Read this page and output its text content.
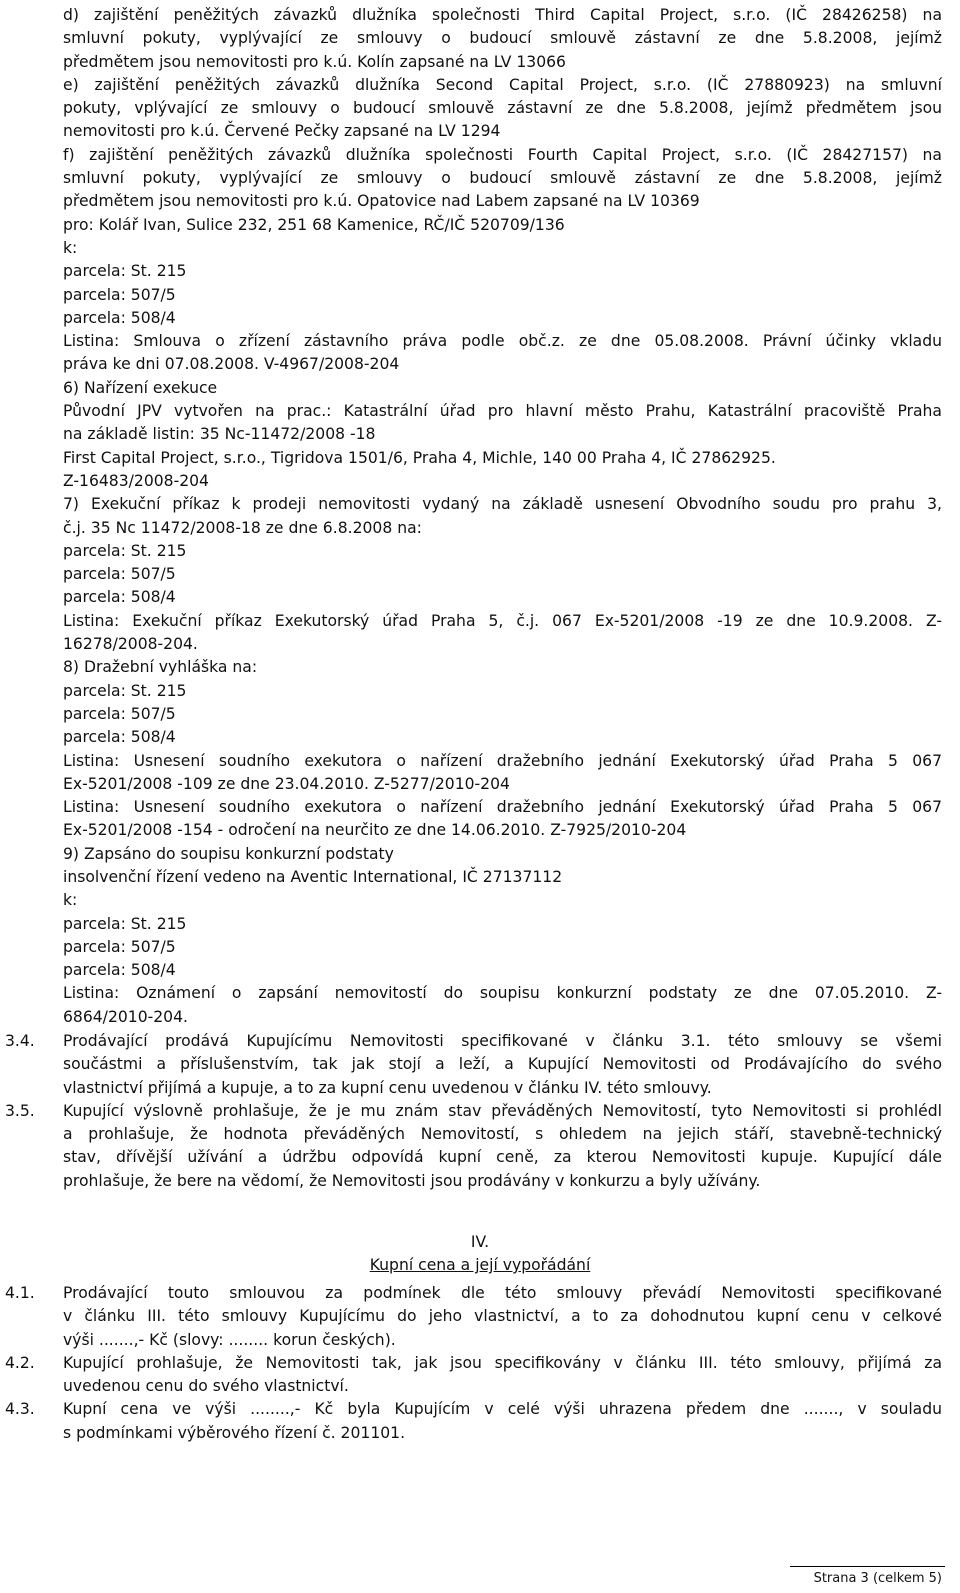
d) zajištění peněžitých závazků dlužníka společnosti Third Capital Project, s.r.o. (IČ 28426258) na
smluvní pokuty, vyplývající ze smlouvy o budoucí smlouvě zástavní ze dne 5.8.2008, jejímž
předmětem jsou nemovitosti pro k.ú. Kolín zapsané na LV 13066
e) zajištění peněžitých závazků dlužníka Second Capital Project, s.r.o. (IČ 27880923) na smluvní
pokuty, vplývající ze smlouvy o budoucí smlouvě zástavní ze dne 5.8.2008, jejímž předmětem jsou
nemovitosti pro k.ú. Červené Pečky zapsané na LV 1294
f) zajištění peněžitých závazků dlužníka společnosti Fourth Capital Project, s.r.o. (IČ 28427157) na
smluvní pokuty, vyplývající ze smlouvy o budoucí smlouvě zástavní ze dne 5.8.2008, jejímž
předmětem jsou nemovitosti pro k.ú. Opatovice nad Labem zapsané na LV 10369
pro: Kolář Ivan, Sulice 232, 251 68 Kamenice, RČ/IČ 520709/136
k:
parcela: St. 215
parcela: 507/5
parcela: 508/4
Listina: Smlouva o zřízení zástavního práva podle obč.z. ze dne 05.08.2008. Právní účinky vkladu
práva ke dni 07.08.2008. V-4967/2008-204
6) Nařízení exekuce
Původní JPV vytvořen na prac.: Katastrální úřad pro hlavní město Prahu, Katastrální pracoviště Praha
na základě listin: 35 Nc-11472/2008 -18
First Capital Project, s.r.o., Tigridova 1501/6, Praha 4, Michle, 140 00 Praha 4, IČ 27862925.
Z-16483/2008-204
7) Exekuční příkaz k prodeji nemovitosti vydaný na základě usnesení Obvodního soudu pro prahu 3,
č.j. 35 Nc 11472/2008-18 ze dne 6.8.2008 na:
parcela: St. 215
parcela: 507/5
parcela: 508/4
Listina: Exekuční příkaz Exekutorský úřad Praha 5, č.j. 067 Ex-5201/2008 -19 ze dne 10.9.2008. Z-
16278/2008-204.
8) Dražební vyhláška na:
parcela: St. 215
parcela: 507/5
parcela: 508/4
Listina: Usnesení soudního exekutora o nařízení dražebního jednání Exekutorský úřad Praha 5 067
Ex-5201/2008 -109 ze dne 23.04.2010. Z-5277/2010-204
Listina: Usnesení soudního exekutora o nařízení dražebního jednání Exekutorský úřad Praha 5 067
Ex-5201/2008 -154 - odročení na neurčito ze dne 14.06.2010. Z-7925/2010-204
9) Zapsáno do soupisu konkurzní podstaty
insolvenční řízení vedeno na Aventic International, IČ 27137112
k:
parcela: St. 215
parcela: 507/5
parcela: 508/4
Listina: Oznámení o zapsání nemovitostí do soupisu konkurzní podstaty ze dne 07.05.2010. Z-
6864/2010-204.
3.4. Prodávající prodává Kupujícímu Nemovitosti specifikované v článku 3.1. této smlouvy se všemi
součástmi a příslušenstvím, tak jak stojí a leží, a Kupující Nemovitosti od Prodávajícího do svého
vlastnictví přijímá a kupuje, a to za kupní cenu uvedenou v článku IV. této smlouvy.
3.5. Kupující výslovně prohlašuje, že je mu znám stav převáděných Nemovitostí, tyto Nemovitosti si prohlédl
a prohlašuje, že hodnota převáděných Nemovitostí, s ohledem na jejich stáří, stavebně-technický
stav, dřívější užívání a údržbu odpovídá kupní ceně, za kterou Nemovitosti kupuje. Kupující dále
prohlašuje, že bere na vědomí, že Nemovitosti jsou prodávány v konkurzu a byly užívány.
IV.
Kupní cena a její vypořádání
4.1. Prodávající touto smlouvou za podmínek dle této smlouvy převádí Nemovitosti specifikované
v článku III. této smlouvy Kupujícímu do jeho vlastnictví, a to za dohodnutou kupní cenu v celkové
výši .......,- Kč (slovy: ........ korun českých).
4.2. Kupující prohlašuje, že Nemovitosti tak, jak jsou specifikovány v článku III. této smlouvy, přijímá za
uvedenou cenu do svého vlastnictví.
4.3. Kupní cena ve výši ........,- Kč byla Kupujícím v celé výši uhrazena předem dne ......., v souladu
s podmínkami výběrového řízení č. 201101.
Strana 3 (celkem 5)
